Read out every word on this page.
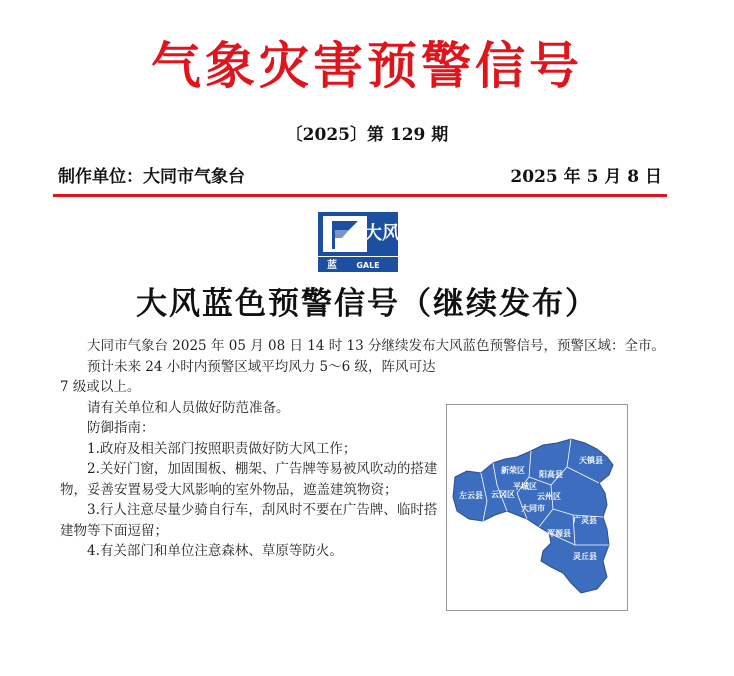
气象灾害预警信号
〔2025〕第 129 期
制作单位：大同市气象台	2025 年 5 月 8 日
大风
蓝 GALE
大风蓝色预警信号（继续发布）

大同市气象台 2025 年 05 月 08 日 14 时 13 分继续发布大风蓝色预警信号，预警区域：全市。

预计未来 24 小时内预警区域平均风力 5～6 级，阵风可达 7 级或以上。

请有关单位和人员做好防范准备。

防御指南：

1.政府及相关部门按照职责做好防大风工作；

2.关好门窗，加固围板、棚架、广告牌等易被风吹动的搭建物，妥善安置易受大风影响的室外物品，遮盖建筑物资；

3.行人注意尽量少骑自行车，刮风时不要在广告牌、临时搭建物等下面逗留；

4.有关部门和单位注意森林、草原等防火。

天镇县
新荣区 阳高县
平城区
左云县 云冈区	云州区
大同市
广灵县
浑源县
灵丘县
